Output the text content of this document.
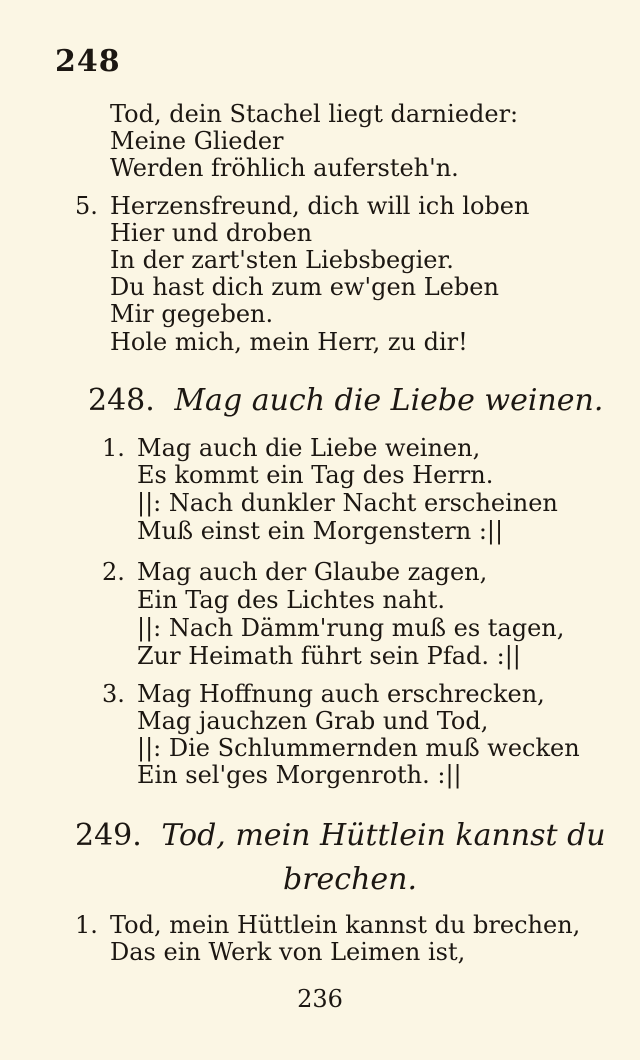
248
Tod, dein Stachel liegt darnieder:
Meine Glieder
Werden fröhlich aufersteh'n.
5. Herzensfreund, dich will ich loben
Hier und droben
In der zart'sten Liebsbegier.
Du hast dich zum ew'gen Leben
Mir gegeben.
Hole mich, mein Herr, zu dir!
248. Mag auch die Liebe weinen.
1. Mag auch die Liebe weinen,
Es kommt ein Tag des Herrn.
||: Nach dunkler Nacht erscheinen
Muß einst ein Morgenstern :||
2. Mag auch der Glaube zagen,
Ein Tag des Lichtes naht.
||: Nach Dämm'rung muß es tagen,
Zur Heimath führt sein Pfad. :||
3. Mag Hoffnung auch erschrecken,
Mag jauchzen Grab und Tod,
||: Die Schlummernden muß wecken
Ein sel'ges Morgenroth. :||
249. Tod, mein Hüttlein kannst du
brechen.
1. Tod, mein Hüttlein kannst du brechen,
Das ein Werk von Leimen ist,
236
